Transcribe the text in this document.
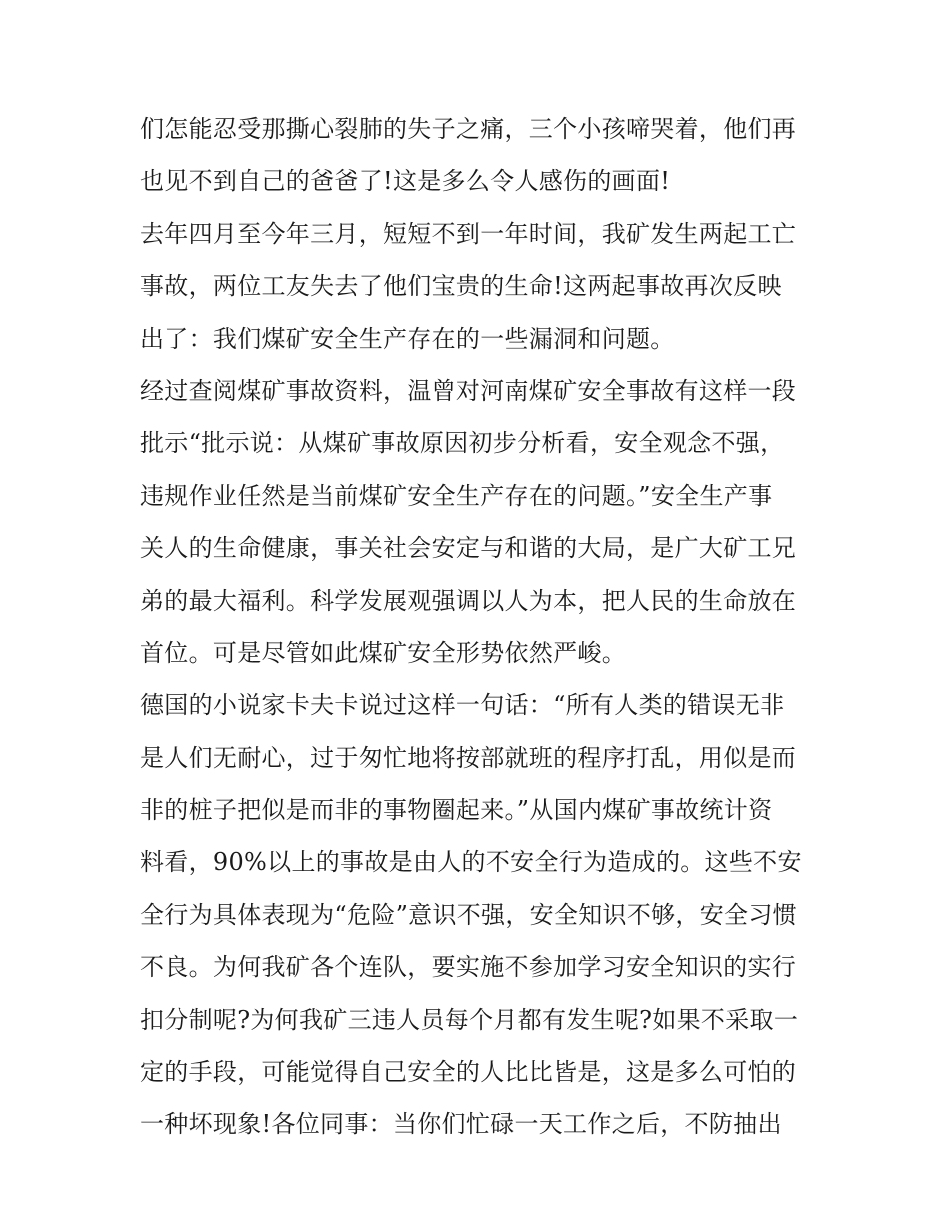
们怎能忍受那撕心裂肺的失子之痛，三个小孩啼哭着，他们再
也见不到自己的爸爸了!这是多么令人感伤的画面!
去年四月至今年三月，短短不到一年时间，我矿发生两起工亡
事故，两位工友失去了他们宝贵的生命!这两起事故再次反映
出了：我们煤矿安全生产存在的一些漏洞和问题。
经过查阅煤矿事故资料，温曾对河南煤矿安全事故有这样一段
批示“批示说：从煤矿事故原因初步分析看，安全观念不强，
违规作业任然是当前煤矿安全生产存在的问题。”安全生产事
关人的生命健康，事关社会安定与和谐的大局，是广大矿工兄
弟的最大福利。科学发展观强调以人为本，把人民的生命放在
首位。可是尽管如此煤矿安全形势依然严峻。
德国的小说家卡夫卡说过这样一句话：“所有人类的错误无非
是人们无耐心，过于匆忙地将按部就班的程序打乱，用似是而
非的桩子把似是而非的事物圈起来。”从国内煤矿事故统计资
料看，90%以上的事故是由人的不安全行为造成的。这些不安
全行为具体表现为“危险”意识不强，安全知识不够，安全习惯
不良。为何我矿各个连队，要实施不参加学习安全知识的实行
扣分制呢?为何我矿三违人员每个月都有发生呢?如果不采取一
定的手段，可能觉得自己安全的人比比皆是，这是多么可怕的
一种坏现象!各位同事：当你们忙碌一天工作之后，不防抽出
